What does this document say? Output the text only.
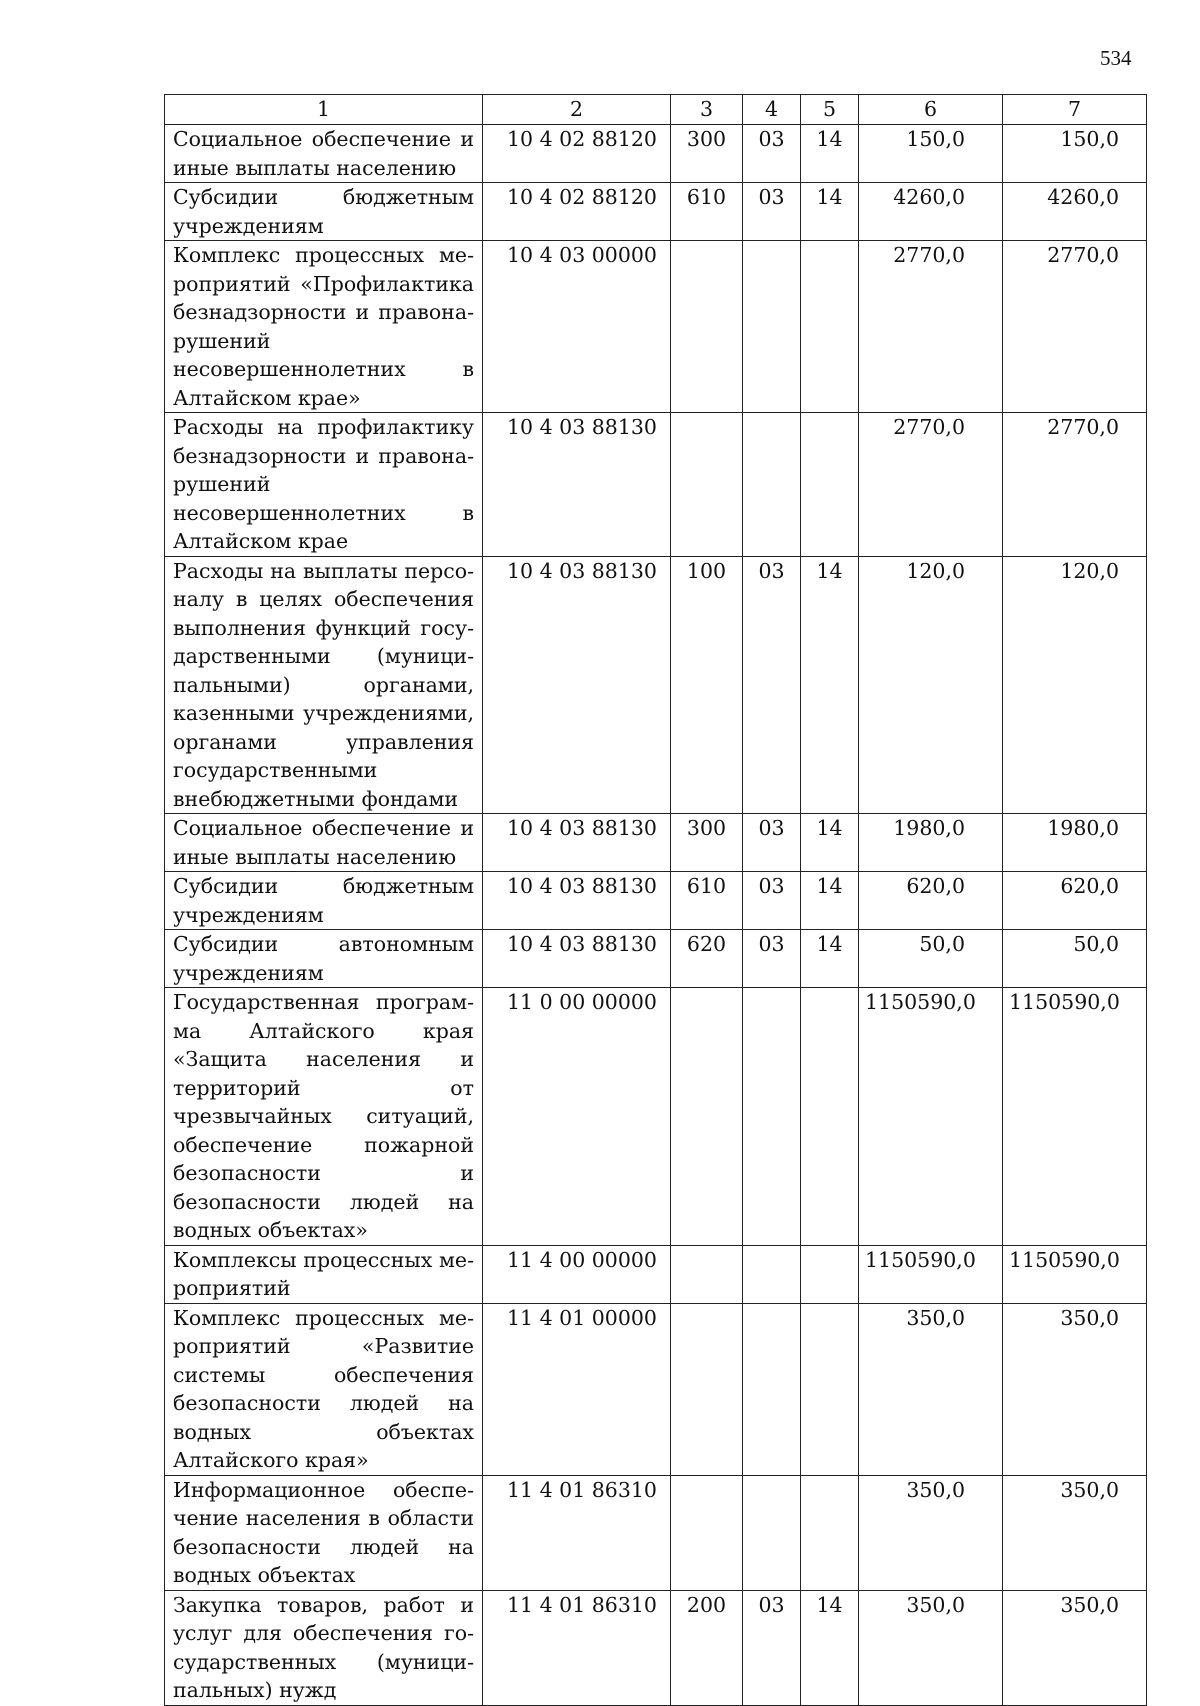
534
1	2	3	4	5	6	7
Социальное обеспечение и иные выплаты населению	10 4 02 88120	300	03	14	150,0	150,0
Субсидии бюджетным учреждениям	10 4 02 88120	610	03	14	4260,0	4260,0
Комплекс процессных мероприятий «Профилактика безнадзорности и правонарушений несовершеннолетних в Алтайском крае»	10 4 03 00000				2770,0	2770,0
Расходы на профилактику безнадзорности и правонарушений несовершеннолетних в Алтайском крае	10 4 03 88130				2770,0	2770,0
Расходы на выплаты персоналу в целях обеспечения выполнения функций государственными (муниципальными) органами, казенными учреждениями, органами управления государственными внебюджетными фондами	10 4 03 88130	100	03	14	120,0	120,0
Социальное обеспечение и иные выплаты населению	10 4 03 88130	300	03	14	1980,0	1980,0
Субсидии бюджетным учреждениям	10 4 03 88130	610	03	14	620,0	620,0
Субсидии автономным учреждениям	10 4 03 88130	620	03	14	50,0	50,0
Государственная программа Алтайского края «Защита населения и территорий от чрезвычайных ситуаций, обеспечение пожарной безопасности и безопасности людей на водных объектах»	11 0 00 00000				1150590,0	1150590,0
Комплексы процессных мероприятий	11 4 00 00000				1150590,0	1150590,0
Комплекс процессных мероприятий «Развитие системы обеспечения безопасности людей на водных объектах Алтайского края»	11 4 01 00000				350,0	350,0
Информационное обеспечение населения в области безопасности людей на водных объектах	11 4 01 86310				350,0	350,0
Закупка товаров, работ и услуг для обеспечения государственных (муниципальных) нужд	11 4 01 86310	200	03	14	350,0	350,0
